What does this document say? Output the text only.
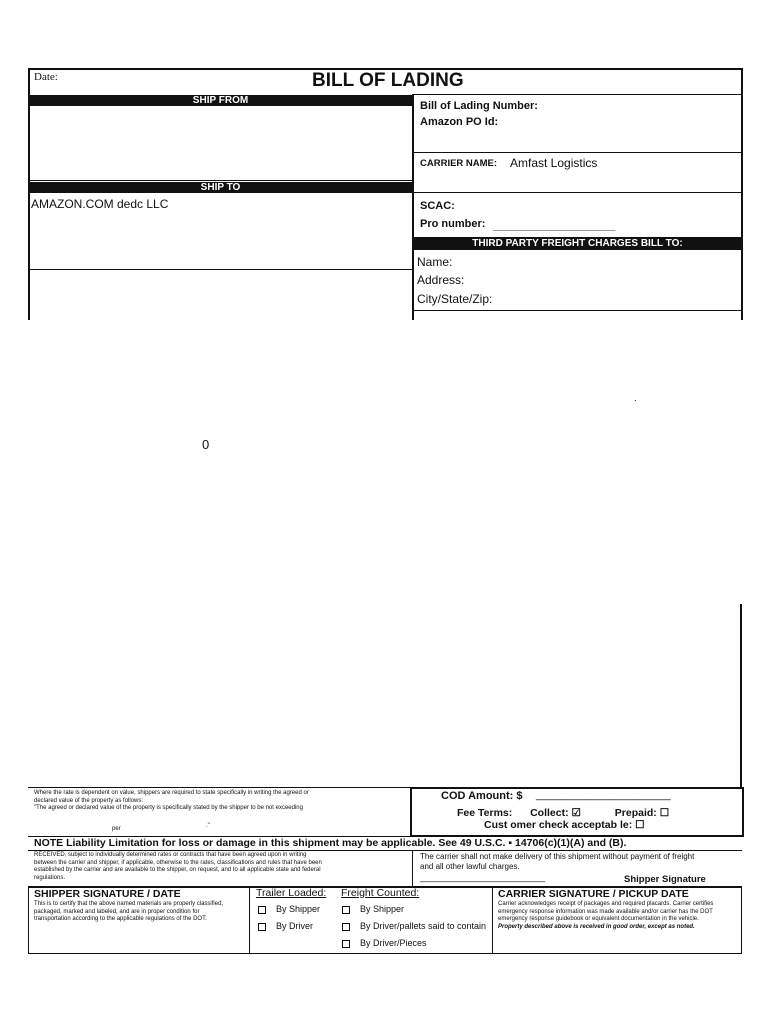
Date:	BILL OF LADING
SHIP FROM
SHIP TO
AMAZON.COM dedc LLC
Bill of Lading Number:
Amazon PO Id:
CARRIER NAME: Amfast Logistics
SCAC:
Pro number: ____________________
THIRD PARTY FREIGHT CHARGES BILL TO:
Name:
Address:
City/State/Zip:
.
0
Where the rate is dependent on value, shippers are required to state specifically in writing the agreed or
declared value of the property as follows:
"The agreed or declared value of the property is specifically stated by the shipper to be not exceeding
per	."
COD Amount: $ ______________________
Fee Terms: Collect: ☑	Prepaid: ☐
Cust omer check acceptab le: ☐
NOTE Liability Limitation for loss or damage in this shipment may be applicable. See 49 U.S.C. ▪ 14706(c)(1)(A) and (B).
RECEIVED, subject to individually determined rates or contracts that have been agreed upon in writing
between the carrier and shipper, if applicable, otherwise to the rates, classifications and rules that have been
established by the carrier and are available to the shipper, on request, and to all applicable state and federal
regulations.
The carrier shall not make delivery of this shipment without payment of freight
and all other lawful charges.
_________________________	Shipper Signature
SHIPPER SIGNATURE / DATE
This is to certify that the above named materials are properly classified,
packaged, marked and labeled, and are in proper condition for
transportation according to the applicable regulations of the DOT.
Trailer Loaded:
By Shipper
By Driver
Freight Counted:
By Shipper
By Driver/pallets said to contain
By Driver/Pieces
CARRIER SIGNATURE / PICKUP DATE
Carrier acknowledges receipt of packages and required placards. Carrier certifies
emergency response information was made available and/or carrier has the DOT
emergency response guidebook or equivalent documentation in the vehicle.
Property described above is received in good order, except as noted.
